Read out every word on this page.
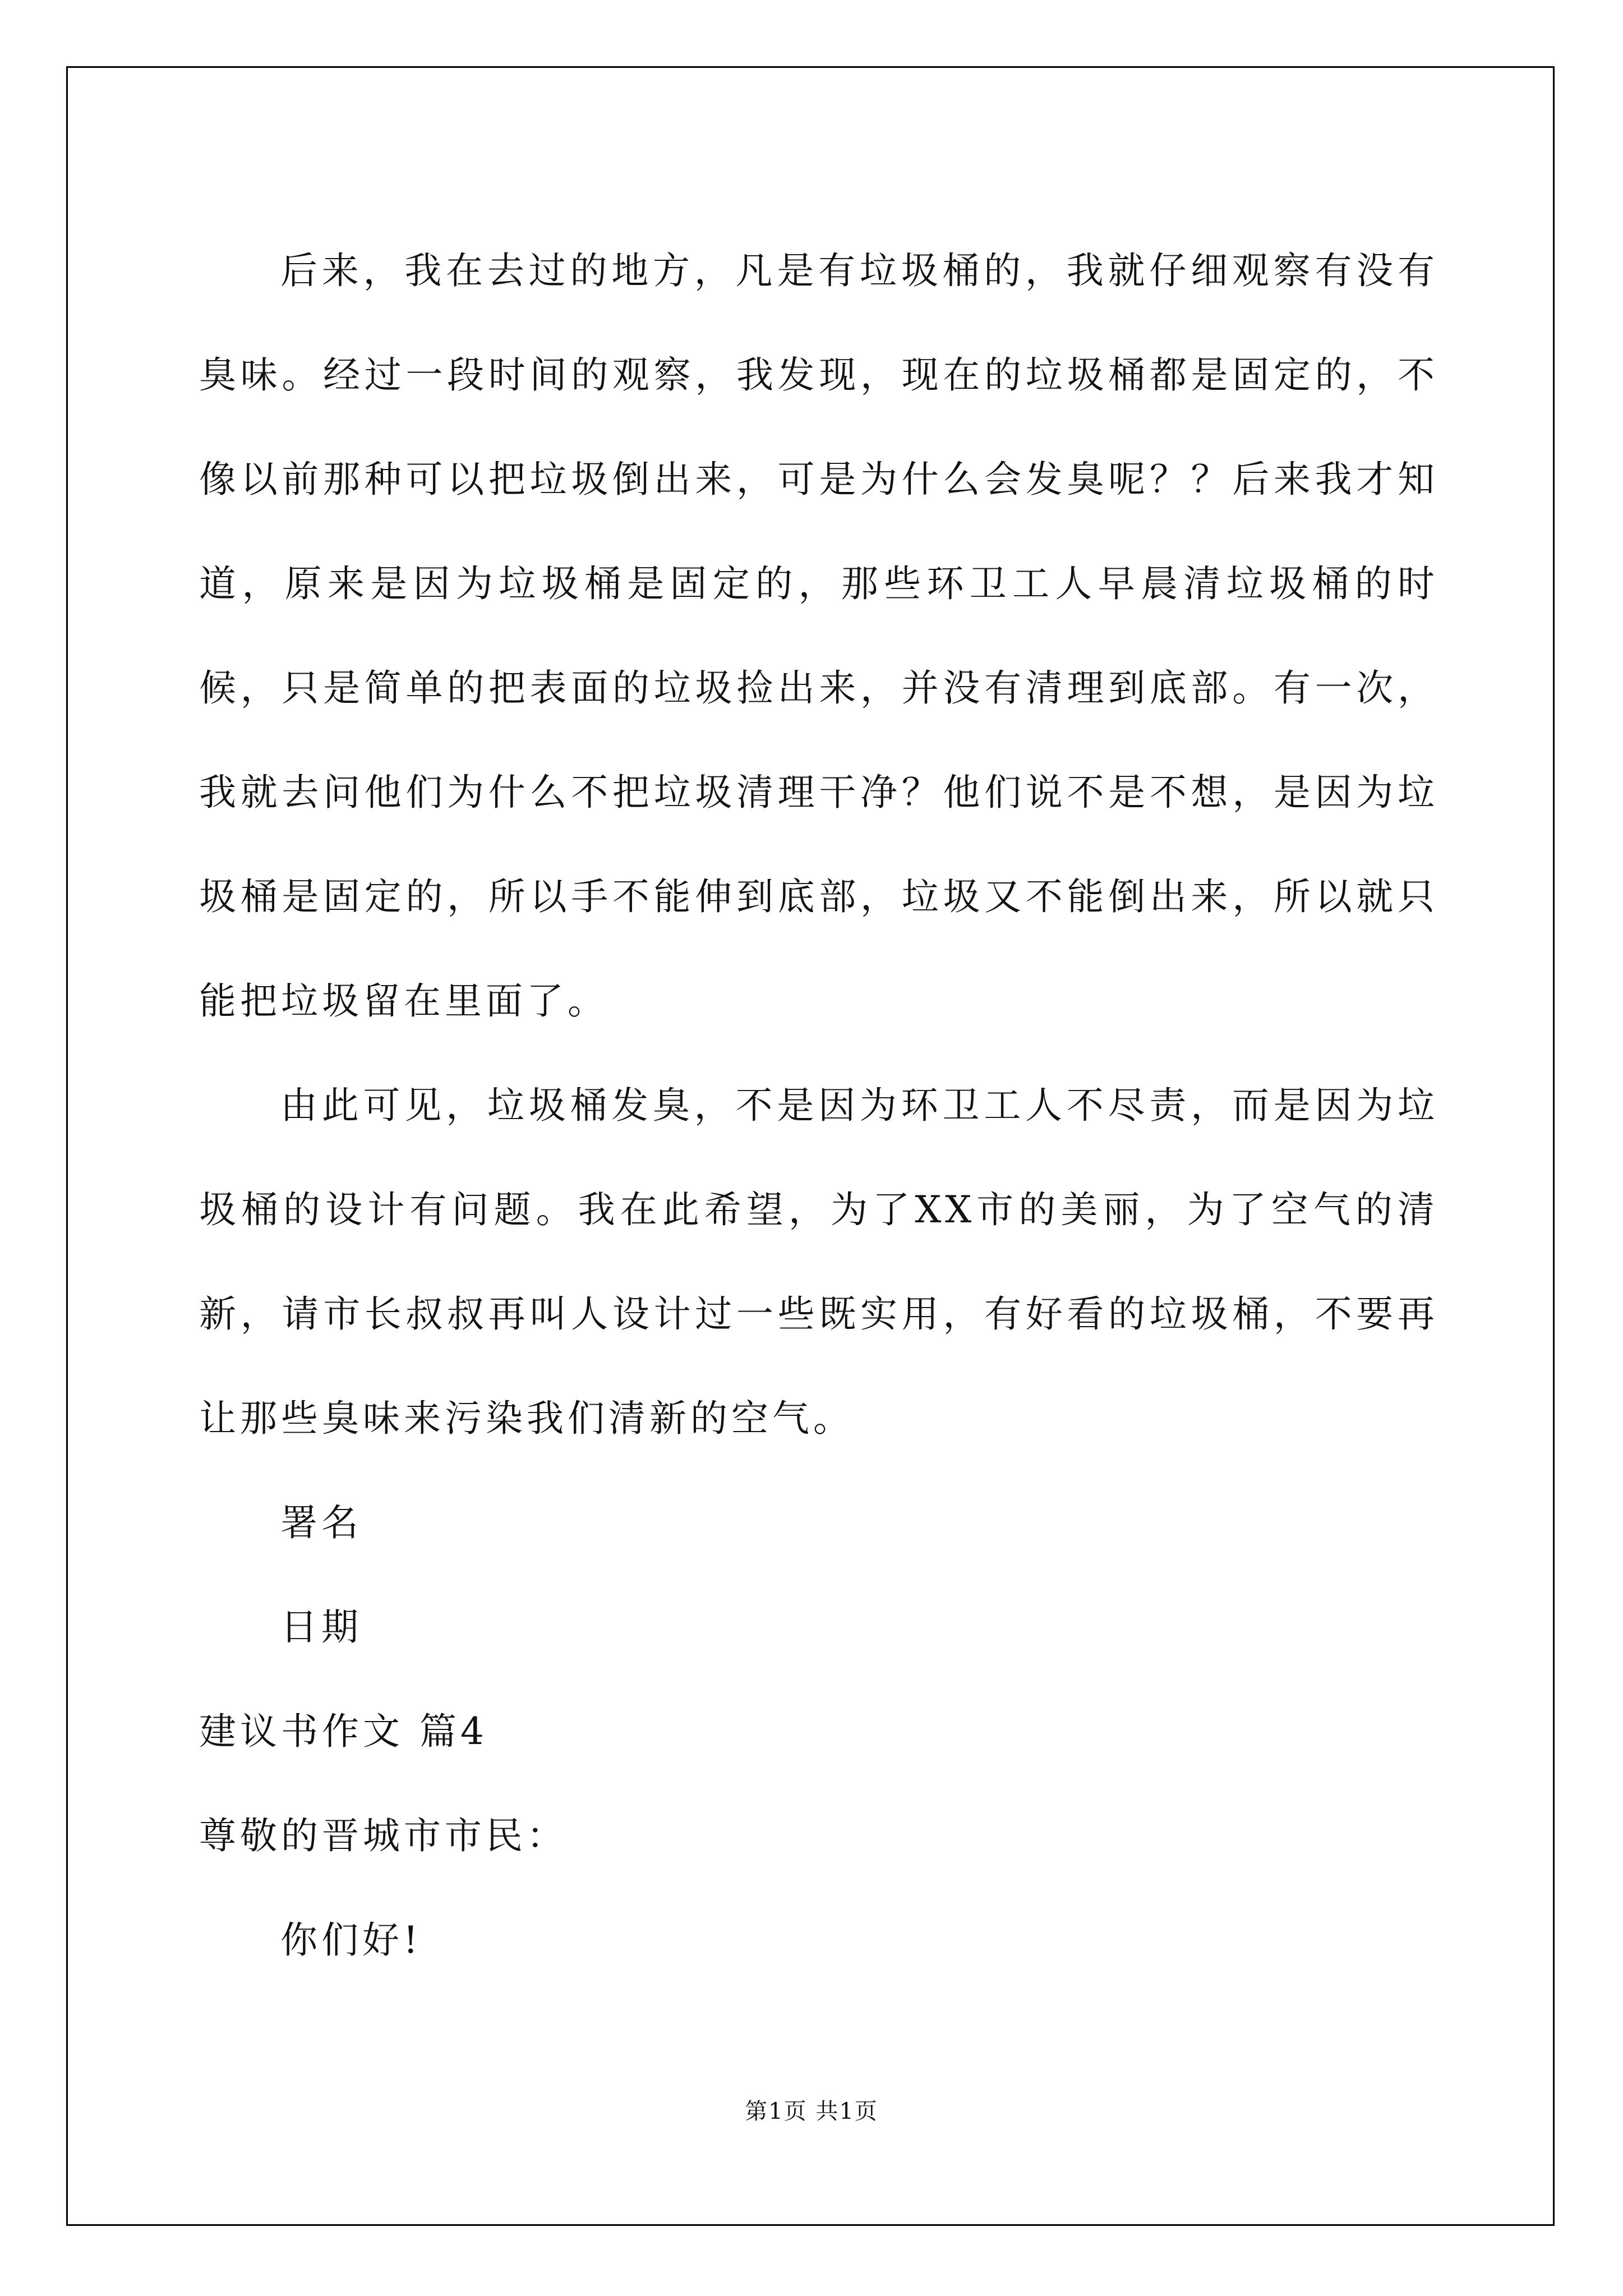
后来，我在去过的地方，凡是有垃圾桶的，我就仔细观察有没有臭味。经过一段时间的观察，我发现，现在的垃圾桶都是固定的，不像以前那种可以把垃圾倒出来，可是为什么会发臭呢？？后来我才知道，原来是因为垃圾桶是固定的，那些环卫工人早晨清垃圾桶的时候，只是简单的把表面的垃圾捡出来，并没有清理到底部。有一次，我就去问他们为什么不把垃圾清理干净？他们说不是不想，是因为垃圾桶是固定的，所以手不能伸到底部，垃圾又不能倒出来，所以就只能把垃圾留在里面了。

由此可见，垃圾桶发臭，不是因为环卫工人不尽责，而是因为垃圾桶的设计有问题。我在此希望，为了XX市的美丽，为了空气的清新，请市长叔叔再叫人设计过一些既实用，有好看的垃圾桶，不要再让那些臭味来污染我们清新的空气。

署名

日期

建议书作文 篇4

尊敬的晋城市市民：

你们好!

第1页 共1页
